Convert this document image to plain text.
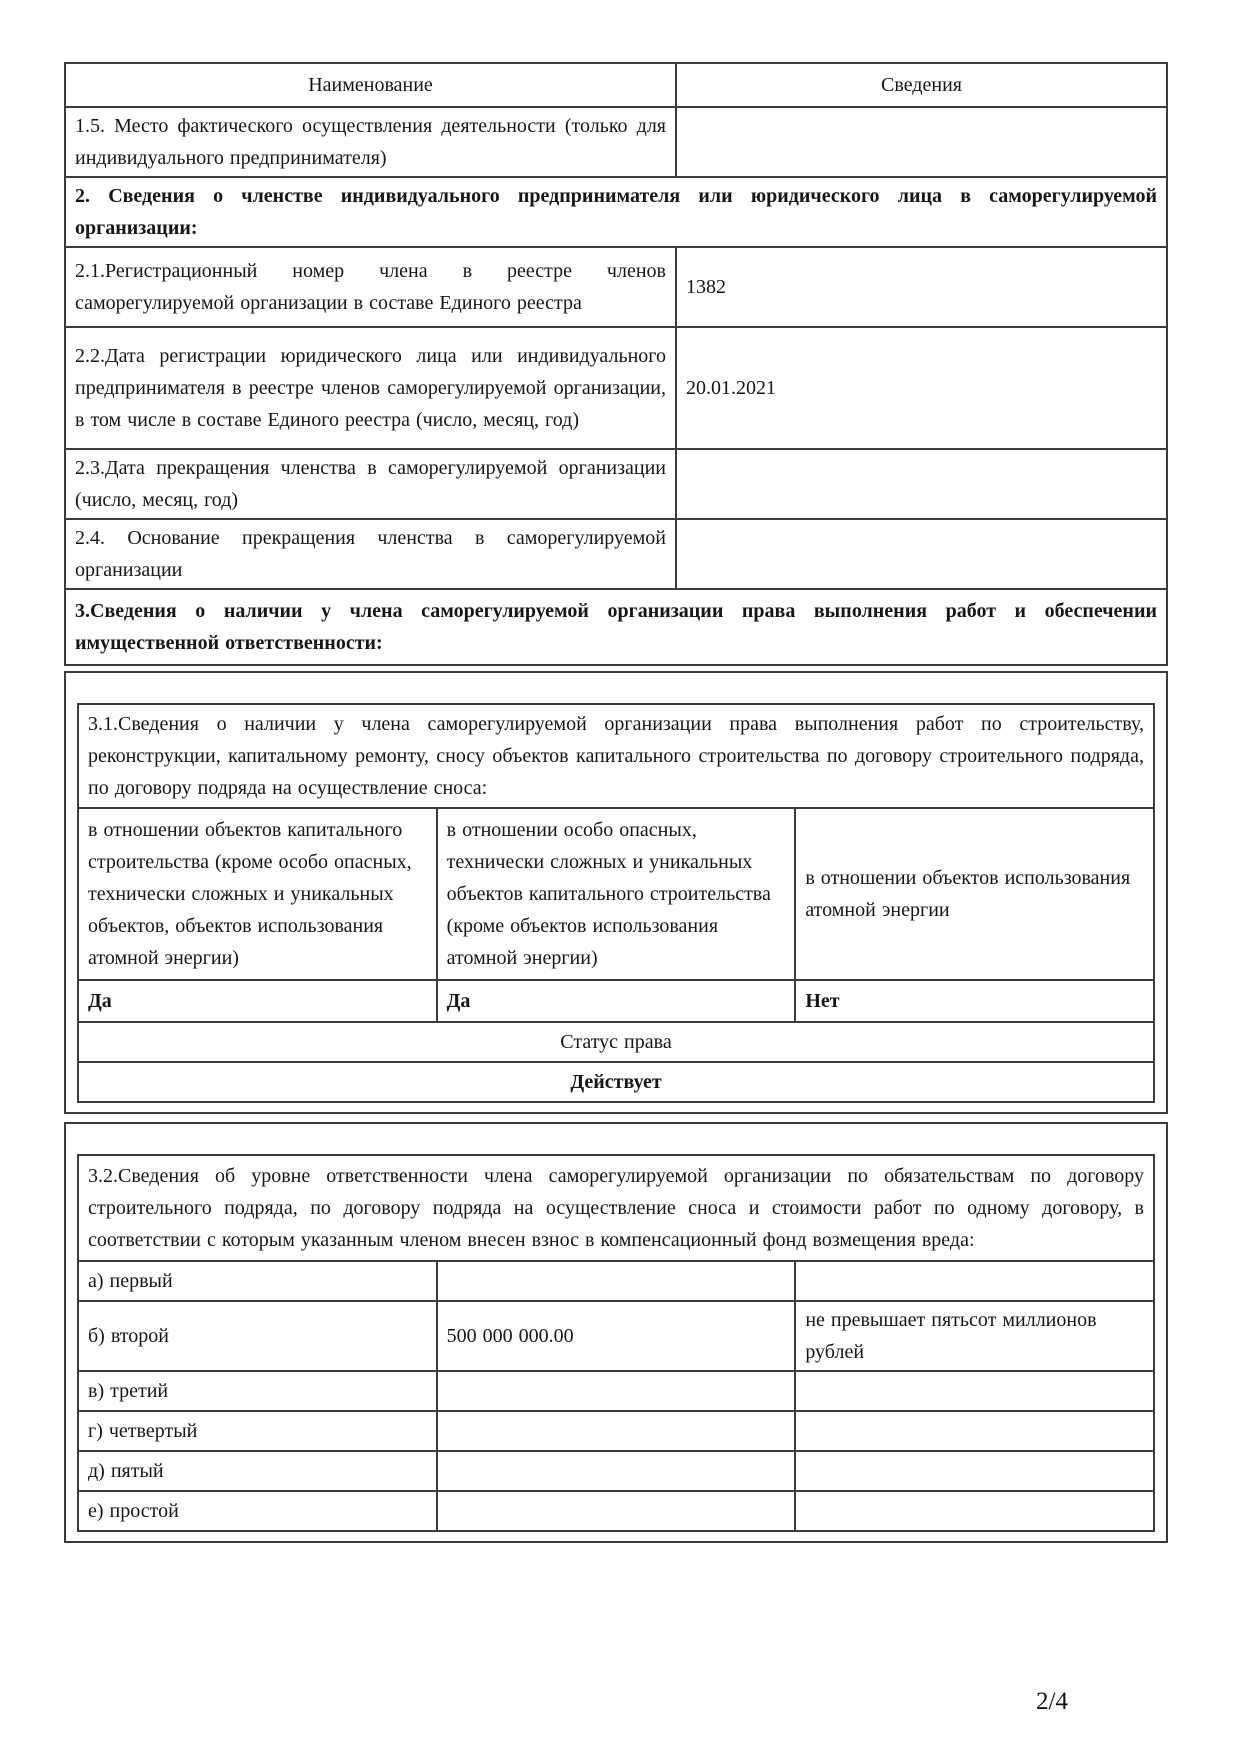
Наименование	Сведения
1.5. Место фактического осуществления деятельности (только для индивидуального предпринимателя)	
2. Сведения о членстве индивидуального предпринимателя или юридического лица в саморегулируемой организации:	
2.1.Регистрационный номер члена в реестре членов саморегулируемой организации в составе Единого реестра	1382
2.2.Дата регистрации юридического лица или индивидуального предпринимателя в реестре членов саморегулируемой организации, в том числе в составе Единого реестра (число, месяц, год)	20.01.2021
2.3.Дата прекращения членства в саморегулируемой организации (число, месяц, год)	
2.4. Основание прекращения членства в саморегулируемой организации	
3.Сведения о наличии у члена саморегулируемой организации права выполнения работ и обеспечении имущественной ответственности:	
3.1.Сведения о наличии у члена саморегулируемой организации права выполнения работ по строительству, реконструкции, капитальному ремонту, сносу объектов капитального строительства по договору строительного подряда, по договору подряда на осуществление сноса:		
в отношении объектов капитального строительства (кроме особо опасных, технически сложных и уникальных объектов, объектов использования атомной энергии)	в отношении особо опасных, технически сложных и уникальных объектов капитального строительства (кроме объектов использования атомной энергии)	в отношении объектов использования атомной энергии
Да	Да	Нет
Статус права		
Действует		
3.2.Сведения об уровне ответственности члена саморегулируемой организации по обязательствам по договору строительного подряда, по договору подряда на осуществление сноса и стоимости работ по одному договору, в соответствии с которым указанным членом внесен взнос в компенсационный фонд возмещения вреда:		
а) первый		
б) второй	500 000 000.00	не превышает пятьсот миллионов рублей
в) третий		
г) четвертый		
д) пятый		
е) простой		
2/4
